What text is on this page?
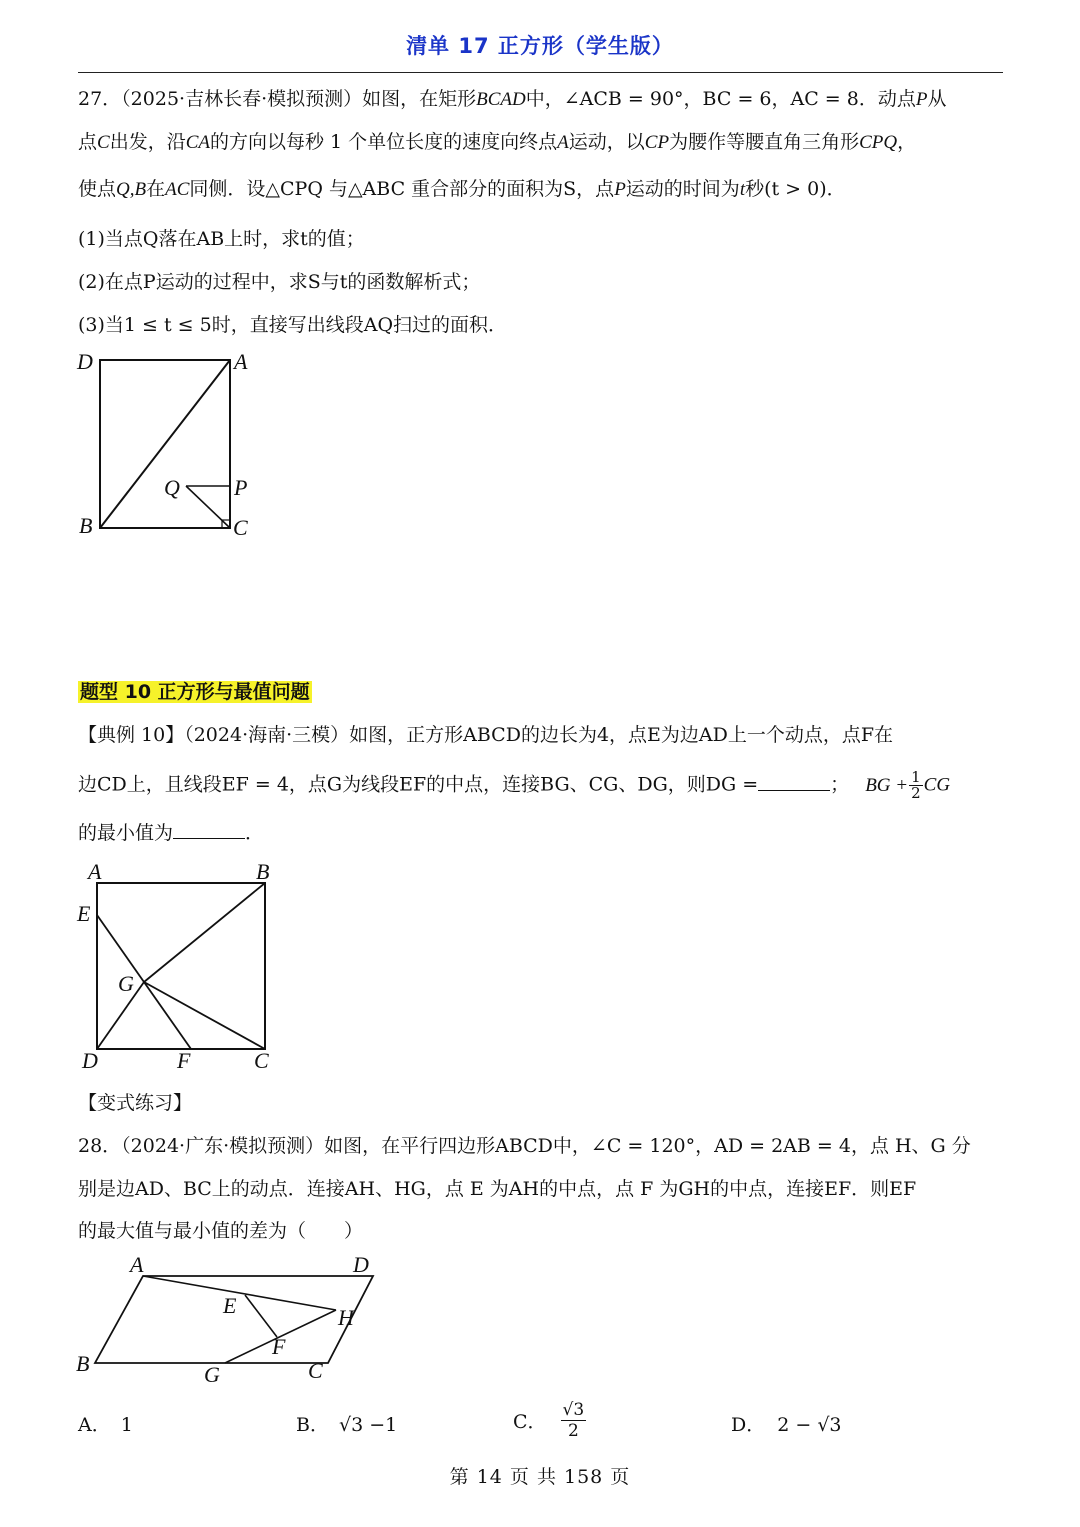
清单 17 正方形（学生版）
27．（2025·吉林长春·模拟预测）如图，在矩形BCAD中，∠ACB = 90°，BC = 6，AC = 8．动点P从
点C出发，沿CA的方向以每秒 1 个单位长度的速度向终点A运动，以CP为腰作等腰直角三角形CPQ，
使点Q,B在AC同侧．设△CPQ 与△ABC 重合部分的面积为S，点P运动的时间为t秒(t > 0)．
(1)当点Q落在AB上时，求t的值；
(2)在点P运动的过程中，求S与t的函数解析式；
(3)当1 ≤ t ≤ 5时，直接写出线段AQ扫过的面积．
D	A
Q P
B	C
题型 10 正方形与最值问题
【典例 10】（2024·海南·三模）如图，正方形ABCD的边长为4，点E为边AD上一个动点，点F在
边CD上，且线段EF = 4，点G为线段EF的中点，连接BG、CG、DG，则DG =	； BG + $\frac{1}{2}$ CG
的最小值为	．
A	B
E
G
D	F	C
【变式练习】
28．（2024·广东·模拟预测）如图，在平行四边形ABCD中，∠C = 120°，AD = 2AB = 4，点 H、G 分
别是边AD、BC上的动点．连接AH、HG，点 E 为AH的中点，点 F 为GH的中点，连接EF．则EF
的最大值与最小值的差为（　　）
A	D
E	H
F
B	G	C
A． 1	B． √3 −1	C． $\frac{√3}{2}$	D． 2 − √3
第 14 页 共 158 页
